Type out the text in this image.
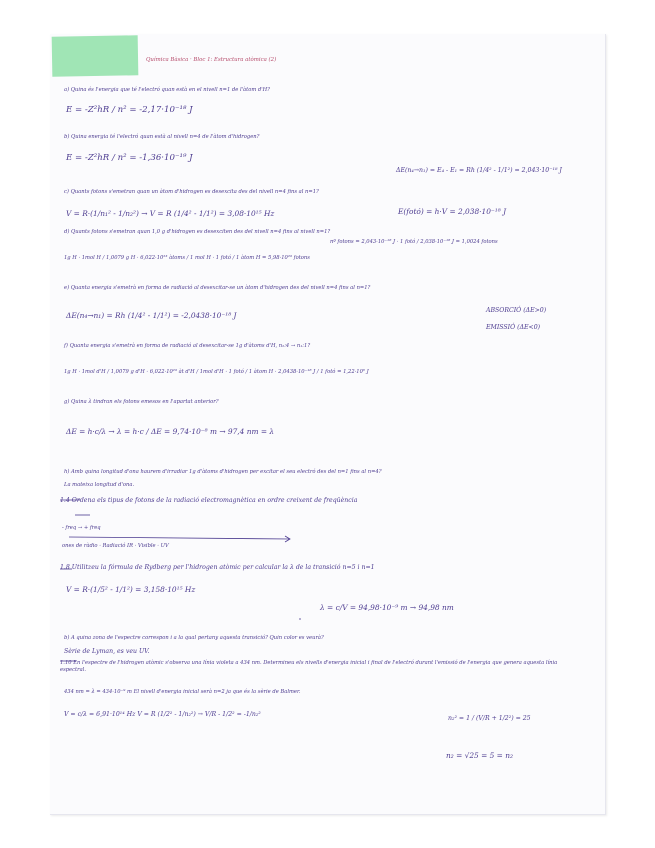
Química Bàsica · Bloc 1: Estructura atòmica (2)
a) Quina és l'energia que té l'electró quan està en el nivell n=1 de l'àtom d'H?
E = -Z²hR / n² = -2,17·10⁻¹⁸ J
b) Quina energia té l'electró quan està al nivell n=4 de l'àtom d'hidrogen?
ΔE(n₄→n₁) = E₄ - E₁ = Rh (1/4² - 1/1²) = 2,043·10⁻¹⁸ J
E = -Z²hR / n² = -1,36·10⁻¹⁹ J
c) Quants fotons s'emetran quan un àtom d'hidrogen es desexcita des del nivell n=4 fins al n=1?
V = R·(1/n₁² - 1/n₂²) → V = R (1/4² - 1/1²) = 3,08·10¹⁵ Hz	E(fotó) = h·V = 2,038·10⁻¹⁸ J
d) Quants fotons s'emetran quan 1,0 g d'hidrogen es desexciten des del nivell n=4 fins al nivell n=1?
nº fotons = 2,043·10⁻¹⁸ J · 1 fotó / 2,038·10⁻¹⁸ J = 1,0024 fotons
1g H · 1mol H / 1,0079 g H · 6,022·10²³ àtoms / 1 mol H · 1 fotó / 1 àtom H = 5,98·10²³ fotons
e) Quanta energia s'emetrà en forma de radiació al desexcitar-se un àtom d'hidrogen des del nivell n=4 fins al n=1?
ΔE(n₄→n₁) = Rh (1/4² - 1/1²) = -2,0438·10⁻¹⁸ J
ABSORCIÓ (ΔE>0)
EMISSIÓ (ΔE<0)
f) Quanta energia s'emetrà en forma de radiació al desexcitar-se 1g d'àtoms d'H, n₂:4 → n₁:1?
1g H · 1mol d'H / 1,0079 g d'H · 6,022·10²³ àt d'H / 1mol d'H · 1 fotó / 1 àtom H · 2,0438·10⁻¹⁸ J / 1 fotó = 1,22·10⁶ J
g) Quina λ tindran els fotons emesos en l'apartat anterior?
ΔE = h·c/λ → λ = h·c / ΔE = 9,74·10⁻⁸ m → 97,4 nm = λ
h) Amb quina longitud d'ona haurem d'irradiar 1g d'àtoms d'hidrogen per excitar el seu electró des del n=1 fins al n=4?
La mateixa longitud d'ona.
1.4 Ordena els tipus de fotons de la radiació electromagnètica en ordre creixent de freqüència
- freq → + freq
ones de ràdio · Radiació IR · Visible · UV
1.8 Utilitzeu la fórmula de Rydberg per l'hidrogen atòmic per calcular la λ de la transició n=5 i n=1
V = R·(1/5² - 1/1²) = 3,158·10¹⁵ Hz
λ = c/V = 94,98·10⁻⁹ m → 94,98 nm
b) A quina zona de l'espectre correspon i a la qual pertany aquesta transició? Quin color es veurà?
Sèrie de Lyman, es veu UV.
1.10 En l'espectre de l'hidrogen atòmic s'observa una línia violeta a 434 nm. Determineu els nivells d'energia inicial i final de l'electró durant l'emissió de l'energia que genera aquesta línia espectral.
434 nm = λ = 434·10⁻⁹ m El nivell d'energia inicial serà n=2 ja que és la sèrie de Balmer.
V = c/λ = 6,91·10¹⁴ Hz V = R (1/2² - 1/n₂²) → V/R - 1/2² = -1/n₂²
n₂² = 1 / (V/R + 1/2²) = 25
n₂ = √25 = 5 = n₂
